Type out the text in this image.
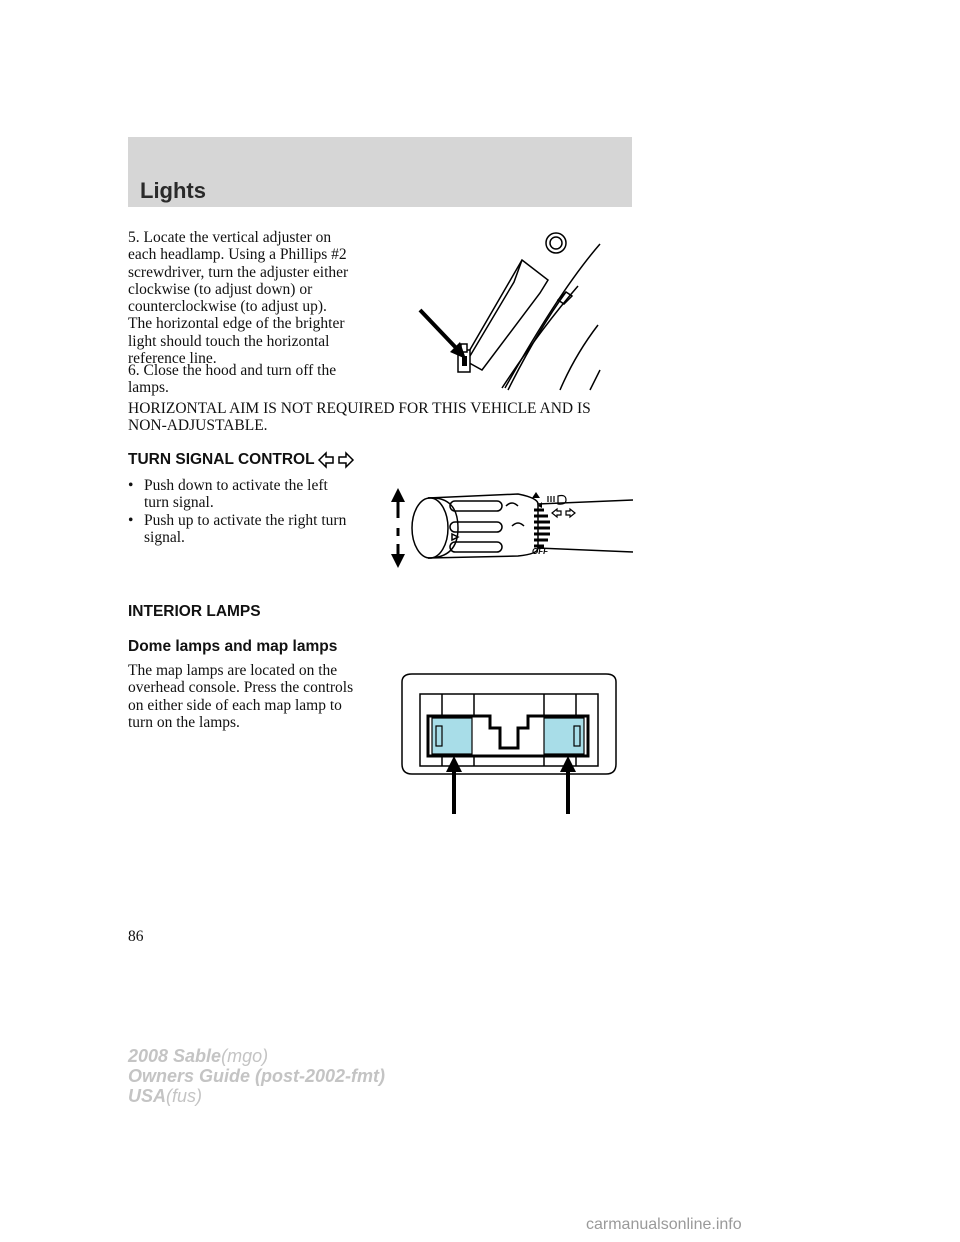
Lights

5. Locate the vertical adjuster on

each headlamp. Using a Phillips #2

screwdriver, turn the adjuster either

clockwise (to adjust down) or

counterclockwise (to adjust up).

The horizontal edge of the brighter

light should touch the horizontal

reference line.

6. Close the hood and turn off the

lamps.

HORIZONTAL AIM IS NOT REQUIRED FOR THIS VEHICLE AND IS

NON-ADJUSTABLE.

TURN SIGNAL CONTROL
• Push down to activate the left
turn signal.
• Push up to activate the right turn
signal.
OFF
INTERIOR LAMPS
Dome lamps and map lamps

The map lamps are located on the

overhead console. Press the controls

on either side of each map lamp to

turn on the lamps.

86
2008 Sable(mgo)
Owners Guide (post-2002-fmt)
USA(fus)
carmanualsonline.info
